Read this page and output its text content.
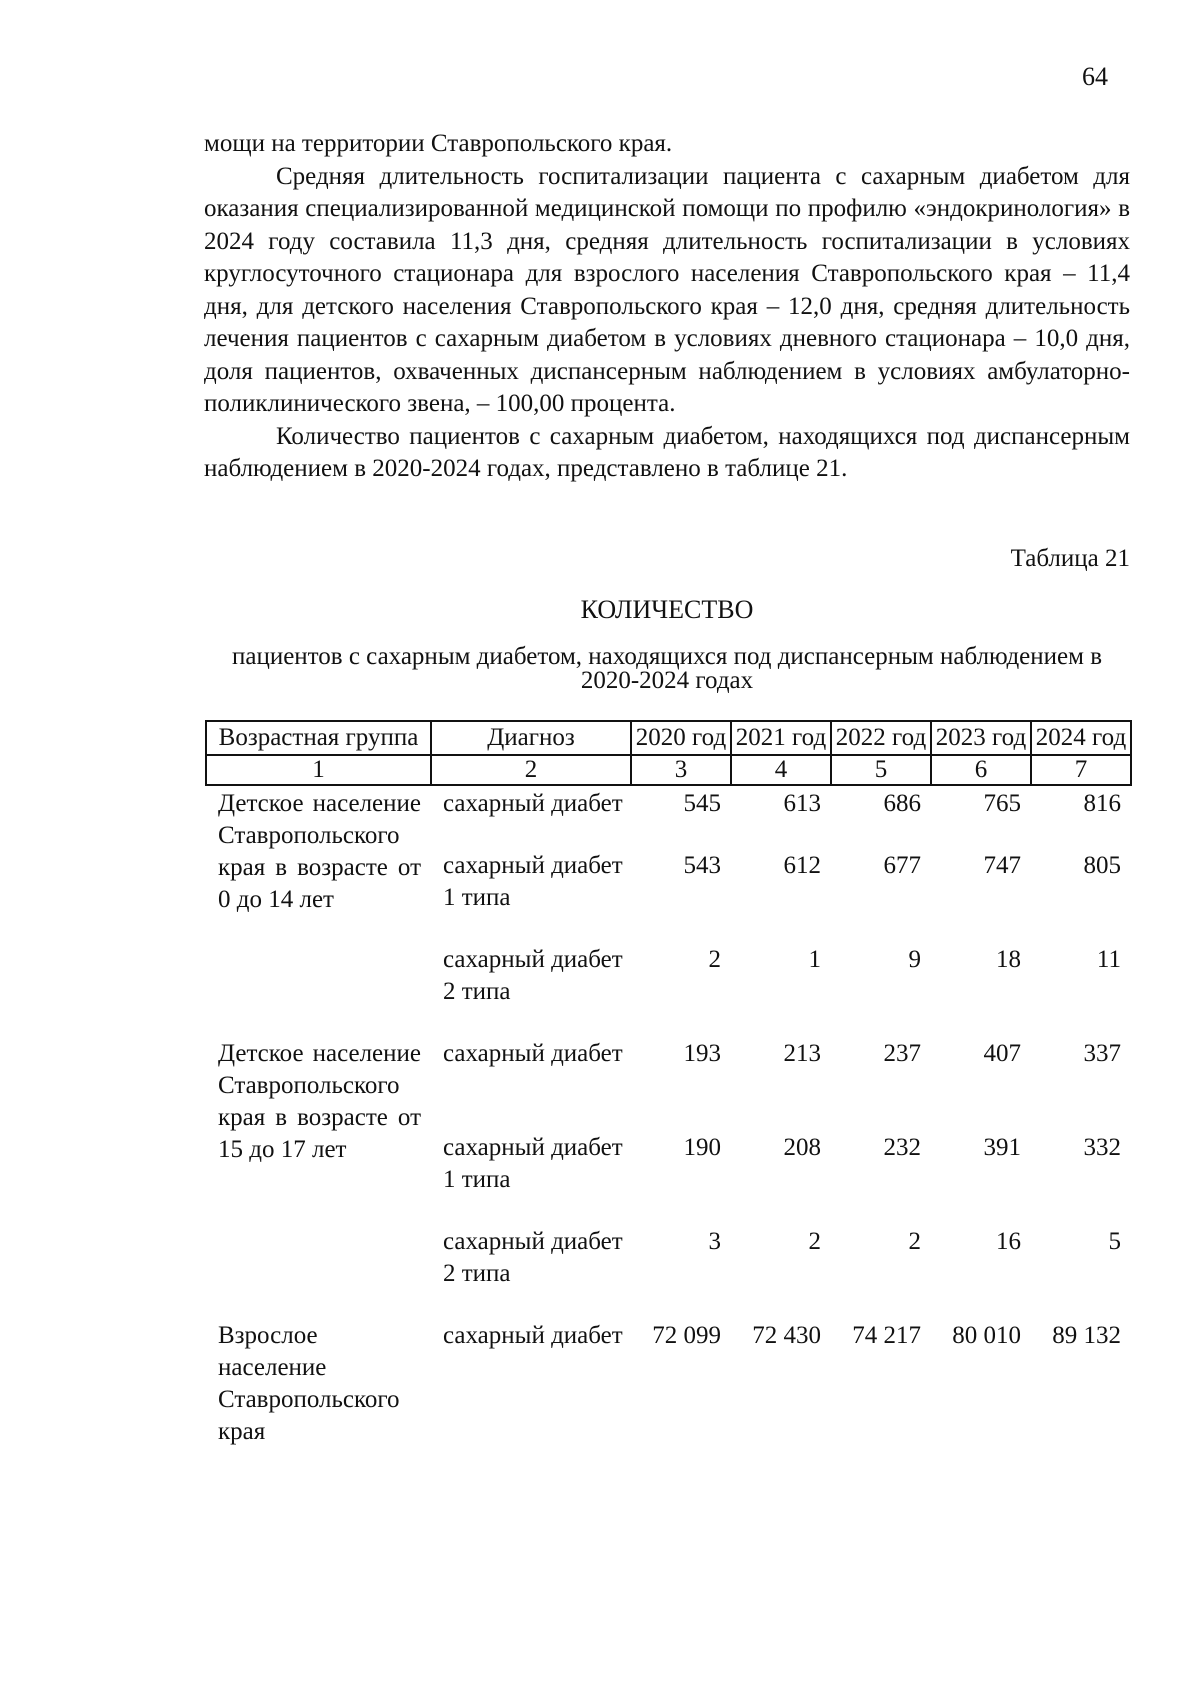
64

мощи на территории Ставропольского края.

Средняя длительность госпитализации пациента с сахарным диабетом для оказания специализированной медицинской помощи по профилю «эндокринология» в 2024 году составила 11,3 дня, средняя длительность госпитализации в условиях круглосуточного стационара для взрослого населения Ставропольского края – 11,4 дня, для детского населения Ставропольского края – 12,0 дня, средняя длительность лечения пациентов с сахарным диабетом в условиях дневного стационара – 10,0 дня, доля пациентов, охваченных диспансерным наблюдением в условиях амбулаторно-поликлинического звена, – 100,00 процента.

Количество пациентов с сахарным диабетом, находящихся под диспансерным наблюдением в 2020-2024 годах, представлено в таблице 21.

Таблица 21
КОЛИЧЕСТВО
пациентов с сахарным диабетом, находящихся под диспансерным наблюдением в 2020-2024 годах
Возрастная группа	Диагноз	2020 год	2021 год	2022 год	2023 год	2024 год
1	2	3	4	5	6	7
Детское население Ставропольского края в возрасте от 0 до 14 лет	сахарный диабет	545	613	686	765	816
	сахарный диабет 1 типа	543	612	677	747	805
	сахарный диабет 2 типа	2	1	9	18	11
Детское население Ставропольского края в возрасте от 15 до 17 лет	сахарный диабет	193	213	237	407	337
	сахарный диабет 1 типа	190	208	232	391	332
	сахарный диабет 2 типа	3	2	2	16	5
Взрослое население Ставропольского края	сахарный диабет	72 099	72 430	74 217	80 010	89 132
